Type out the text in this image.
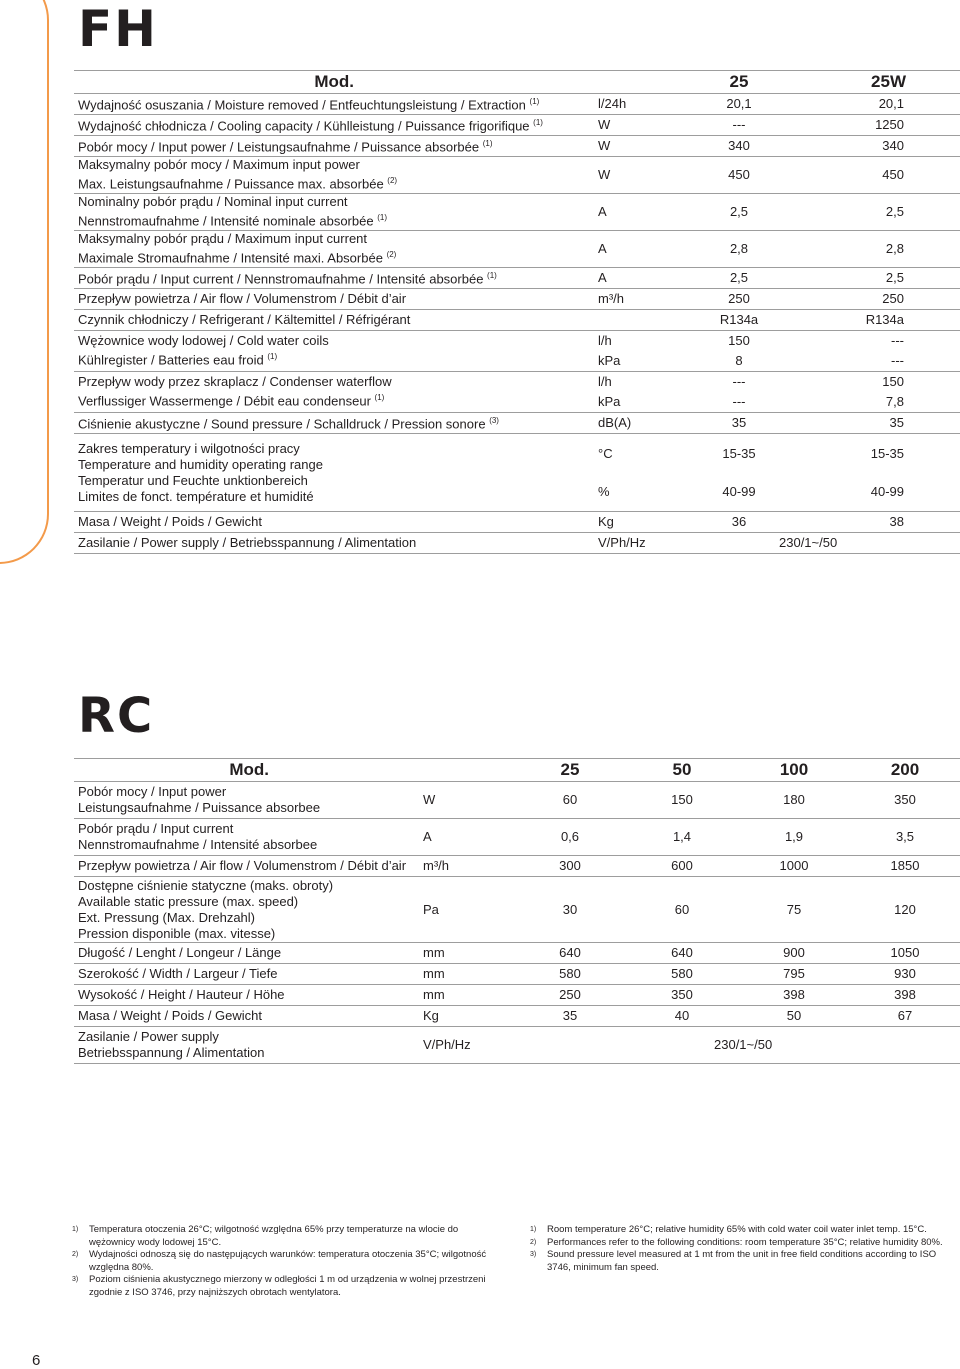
FH
Mod.		25	25W
Wydajność osuszania / Moisture removed / Entfeuchtungsleistung / Extraction $^{(1)}$	l/24h	20,1	20,1
Wydajność chłodnicza / Cooling capacity / Kühlleistung / Puissance frigorifique $^{(1)}$	W	---	1250
Pobór mocy / Input power / Leistungsaufnahme / Puissance absorbée $^{(1)}$	W	340	340
Maksymalny pobór mocy / Maximum input power
Max. Leistungsaufnahme / Puissance max. absorbée $^{(2)}$	W	450	450
Nominalny pobór prądu / Nominal input current
Nennstromaufnahme / Intensité nominale absorbée $^{(1)}$	A	2,5	2,5
Maksymalny pobór prądu / Maximum input current
Maximale Stromaufnahme / Intensité maxi. Absorbée $^{(2)}$	A	2,8	2,8
Pobór prądu / Input current / Nennstromaufnahme / Intensité absorbée $^{(1)}$	A	2,5	2,5
Przepływ powietrza / Air flow / Volumenstrom / Débit d’air	m³/h	250	250
Czynnik chłodniczy / Refrigerant / Kältemittel / Réfrigérant		R134a	R134a
Wężownice wody lodowej / Cold water coils
Kühlregister / Batteries eau froid $^{(1)}$	l/h	150	---
	kPa	8	---
Przepływ wody przez skraplacz / Condenser waterflow
Verflussiger Wassermenge / Débit eau condenseur $^{(1)}$	l/h	---	150
	kPa	---	7,8
Ciśnienie akustyczne / Sound pressure / Schalldruck / Pression sonore $^{(3)}$	dB(A)	35	35
Zakres temperatury i wilgotności pracy
Temperature and humidity operating range
Temperatur und Feuchte unktionbereich
Limites de fonct. température et humidité	°C	15-35	15-35
	%	40-99	40-99
Masa / Weight / Poids / Gewicht	Kg	36	38
Zasilanie / Power supply / Betriebsspannung / Alimentation	V/Ph/Hz	230/1~/50	
RC
Mod.		25	50	100	200
Pobór mocy / Input power
Leistungsaufnahme / Puissance absorbee	W	60	150	180	350
Pobór prądu / Input current
Nennstromaufnahme / Intensité absorbee	A	0,6	1,4	1,9	3,5
Przepływ powietrza / Air flow / Volumenstrom / Débit d’air	m³/h	300	600	1000	1850
Dostępne ciśnienie statyczne (maks. obroty)
Available static pressure (max. speed)
Ext. Pressung (Max. Drehzahl)
Pression disponible (max. vitesse)	Pa	30	60	75	120
Długość / Lenght / Longeur / Länge	mm	640	640	900	1050
Szerokość / Width / Largeur / Tiefe	mm	580	580	795	930
Wysokość / Height / Hauteur / Höhe	mm	250	350	398	398
Masa / Weight / Poids / Gewicht	Kg	35	40	50	67
Zasilanie / Power supply
Betriebsspannung / Alimentation	V/Ph/Hz	230/1~/50			

1)	Temperatura otoczenia 26°C; wilgotność względna 65% przy temperaturze na wlocie do wężownicy wody lodowej 15°C.

2)	Wydajności odnoszą się do następujących warunków: temperatura otoczenia 35°C; wilgotność względna 80%.

3)	Poziom ciśnienia akustycznego mierzony w odległości 1 m od urządzenia w wolnej przestrzeni zgodnie z ISO 3746, przy najniższych obrotach wentylatora.

1)	Room temperature 26°C; relative humidity 65% with cold water coil water inlet temp. 15°C.

2)	Performances refer to the following conditions: room temperature 35°C; relative humidity 80%.

3)	Sound pressure level measured at 1 mt from the unit in free field conditions according to ISO 3746, minimum fan speed.

6
